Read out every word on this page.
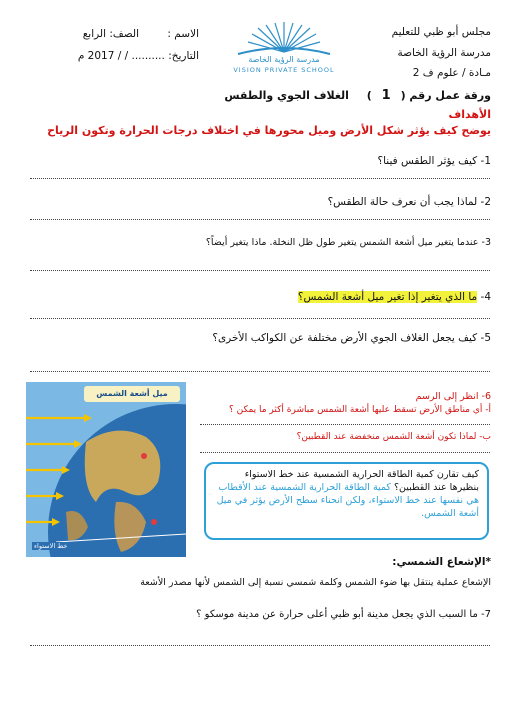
مجلس أبو ظبي للتعليم
مدرسة الرؤية الخاصة
مـادة / علوم ف 2
الاسم :
الصف: الرابع
التاريخ: .......... / / 2017 م	مدرسة الرؤية الخاصة
VISION PRIVATE SCHOOL
ورقة عمل رقم ( 1 ) الغلاف الجوي والطقس
الأهداف
يوضح كيف يؤثر شكل الأرض وميل محورها في اختلاف درجات الحرارة وتكون الرياح
1- كيف يؤثر الطقس فينا؟
2- لماذا يجب أن نعرف حالة الطقس؟
3- عندما يتغير ميل أشعة الشمس يتغير طول ظل النخلة. ماذا يتغير أيضاً؟
4- ما الذي يتغير إذا تغير ميل أشعة الشمس؟
5- كيف يجعل الغلاف الجوي الأرض مختلفة عن الكواكب الأخرى؟
ميل أشعة الشمس
خط الاستواء
6- انظر إلى الرسم
أ- أي مناطق الأرض تسقط عليها أشعة الشمس مباشرة أكثر ما يمكن ؟
ب- لماذا تكون أشعة الشمس منخفضة عند القطبين؟
كيف تقارن كمية الطاقة الحرارية الشمسية عند خط الاستواء بنظيرها عند القطبين؟ كمية الطاقة الحرارية الشمسية عند الأقطاب هي نفسها عند خط الاستواء، ولكن انحناء سطح الأرض يؤثر في ميل أشعة الشمس.
*الإشعاع الشمسي:
الإشعاع عملية ينتقل بها ضوء الشمس وكلمة شمسي نسبة إلى الشمس لأنها مصدر الأشعة
7- ما السبب الذي يجعل مدينة أبو ظبي أعلى حرارة عن مدينة موسكو ؟
